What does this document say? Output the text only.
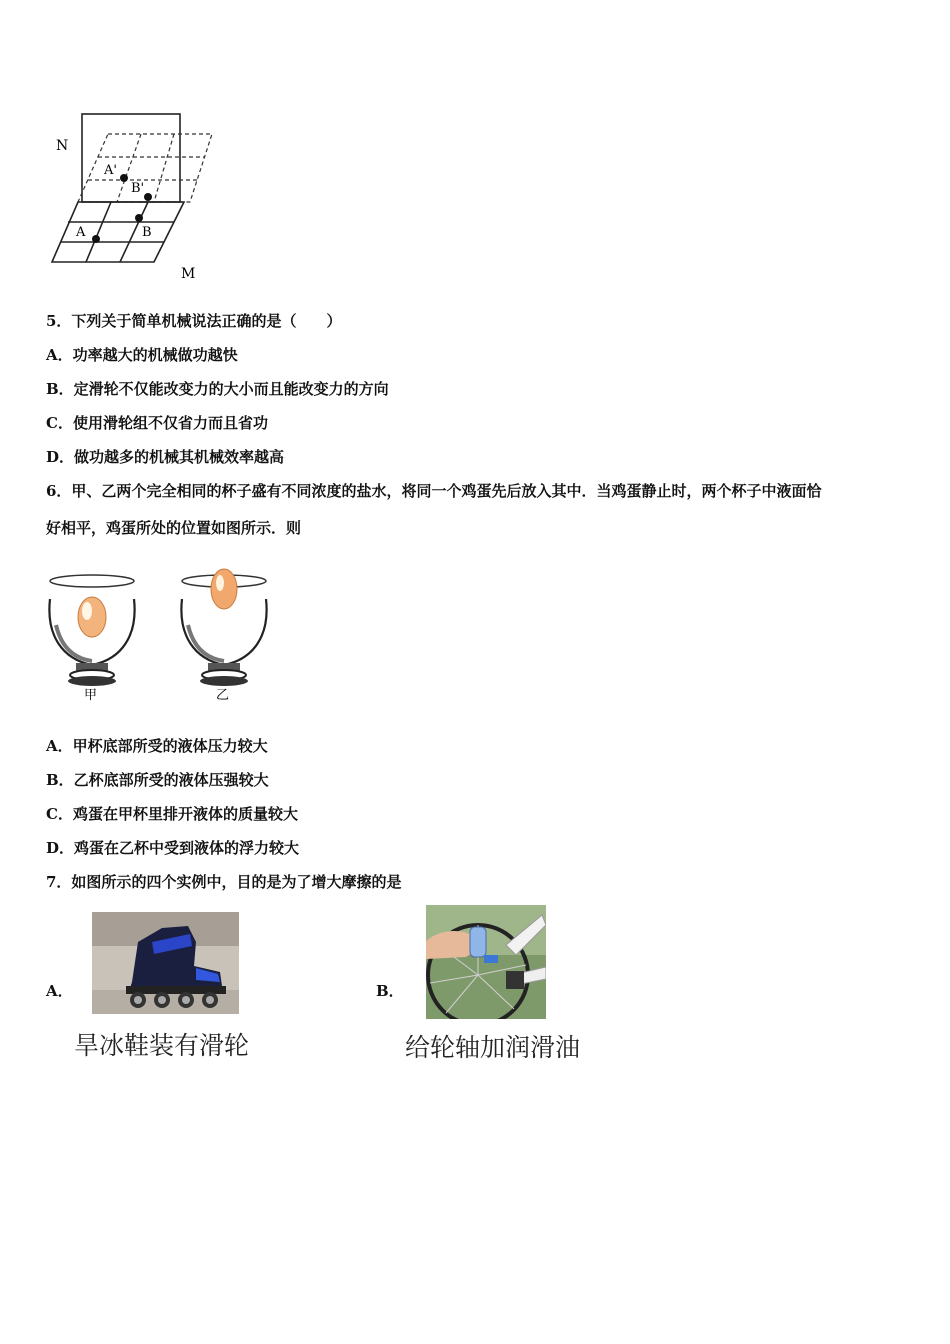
N
A'
B'
A	B
M
5．下列关于简单机械说法正确的是（　　）
A．功率越大的机械做功越快
B．定滑轮不仅能改变力的大小而且能改变力的方向
C．使用滑轮组不仅省力而且省功
D．做功越多的机械其机械效率越高
6．甲、乙两个完全相同的杯子盛有不同浓度的盐水，将同一个鸡蛋先后放入其中．当鸡蛋静止时，两个杯子中液面恰
好相平，鸡蛋所处的位置如图所示．则
甲	乙
A．甲杯底部所受的液体压力较大
B．乙杯底部所受的液体压强较大
C．鸡蛋在甲杯里排开液体的质量较大
D．鸡蛋在乙杯中受到液体的浮力较大
7．如图所示的四个实例中，目的是为了增大摩擦的是
A．
旱冰鞋装有滑轮
B．
给轮轴加润滑油
